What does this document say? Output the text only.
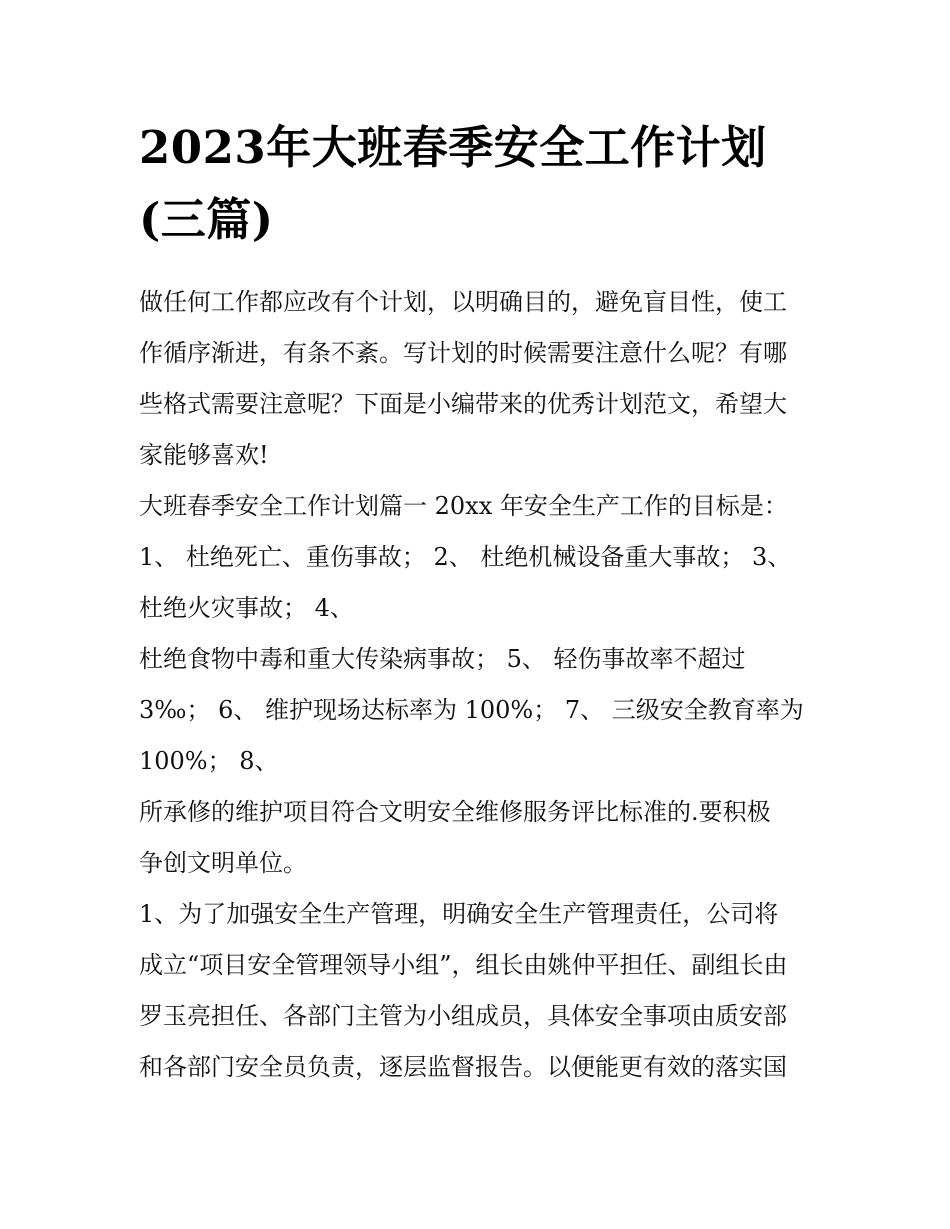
2023年大班春季安全工作计划
(三篇)
做任何工作都应改有个计划，以明确目的，避免盲目性，使工
作循序渐进，有条不紊。写计划的时候需要注意什么呢？有哪
些格式需要注意呢？下面是小编带来的优秀计划范文，希望大
家能够喜欢!
大班春季安全工作计划篇一 20xx 年安全生产工作的目标是：
1、 杜绝死亡、重伤事故； 2、 杜绝机械设备重大事故； 3、
杜绝火灾事故； 4、
杜绝食物中毒和重大传染病事故； 5、 轻伤事故率不超过
3‰； 6、 维护现场达标率为 100%； 7、 三级安全教育率为
100%； 8、
所承修的维护项目符合文明安全维修服务评比标准的.要积极
争创文明单位。
1、为了加强安全生产管理，明确安全生产管理责任，公司将
成立“项目安全管理领导小组”，组长由姚仲平担任、副组长由
罗玉亮担任、各部门主管为小组成员，具体安全事项由质安部
和各部门安全员负责，逐层监督报告。以便能更有效的落实国
